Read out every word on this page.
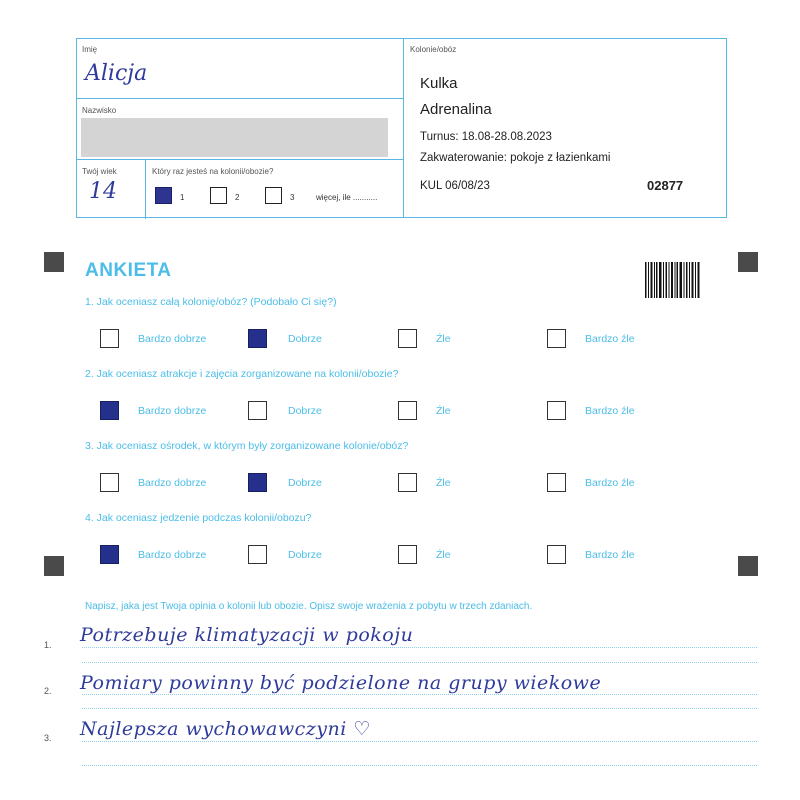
Imię
Alicja
Nazwisko
Twój wiek
14
Który raz jesteś na kolonii/obozie?
1	2	3	więcej, ile ...........
Kolonie/obóz
Kulka
Adrenalina
Turnus: 18.08-28.08.2023
Zakwaterowanie: pokoje z łazienkami
KUL 06/08/23	02877
ANKIETA
1. Jak oceniasz całą kolonię/obóz? (Podobało Ci się?)
Bardzo dobrze	Dobrze	Źle	Bardzo źle
2. Jak oceniasz atrakcje i zajęcia zorganizowane na kolonii/obozie?
Bardzo dobrze	Dobrze	Źle	Bardzo źle
3. Jak oceniasz ośrodek, w którym były zorganizowane kolonie/obóz?
Bardzo dobrze	Dobrze	Źle	Bardzo źle
4. Jak oceniasz jedzenie podczas kolonii/obozu?
Bardzo dobrze	Dobrze	Źle	Bardzo źle
Napisz, jaka jest Twoja opinia o kolonii lub obozie. Opisz swoje wrażenia z pobytu w trzech zdaniach.
1. Potrzebuje klimatyzacji w pokoju
2. Pomiary powinny być podzielone na grupy wiekowe
3. Najlepsza wychowawczyni ♡
